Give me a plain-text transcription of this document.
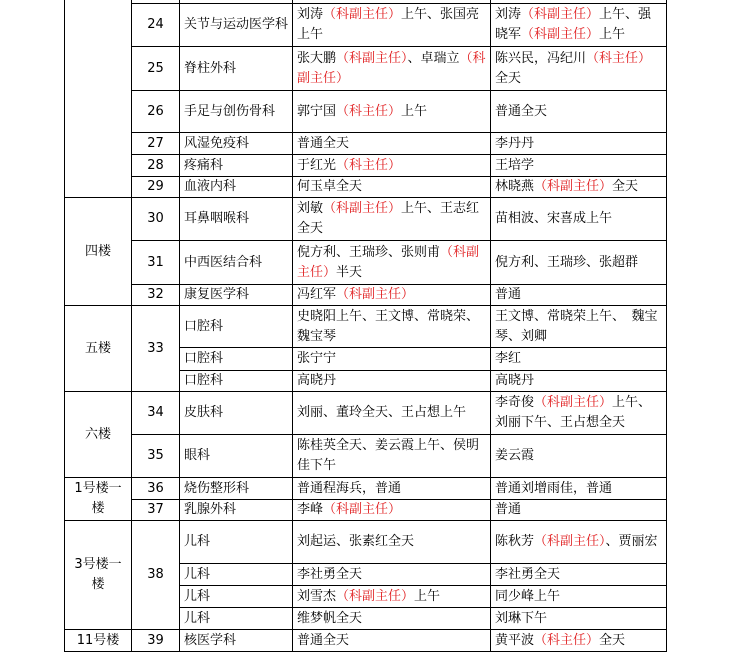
	24	关节与运动医学科	刘涛（科副主任）上午、张国亮上午	刘涛（科副主任）上午、强晓军（科副主任）上午
	25	脊柱外科	张大鹏（科副主任）、卓瑞立（科副主任）	陈兴民，冯纪川（科主任）全天
	26	手足与创伤骨科	郭宁国（科主任）上午	普通全天
	27	风湿免疫科	普通全天	李丹丹
	28	疼痛科	于红光（科主任）	王培学
	29	血液内科	何玉卓全天	林晓燕（科副主任）全天
四楼	30	耳鼻咽喉科	刘敏（科副主任）上午、王志红全天	苗相波、宋喜成上午
	31	中西医结合科	倪方利、王瑞珍、张则甫（科副主任）半天	倪方利、王瑞珍、张超群
	32	康复医学科	冯红军（科副主任）	普通
五楼	33	口腔科	史晓阳上午、王文博、常晓荣、魏宝琴	王文博、常晓荣上午、　魏宝琴、刘卿
		口腔科	张宁宁	李红
		口腔科	高晓丹	高晓丹
六楼	34	皮肤科	刘丽、董玲全天、王占想上午	李奇俊（科副主任）上午、刘丽下午、王占想全天
	35	眼科	陈桂英全天、姜云霞上午、侯明佳下午	姜云霞
1号楼一楼	36	烧伤整形科	普通程海兵，普通	普通刘增雨佳，普通
	37	乳腺外科	李峰（科副主任）	普通
3号楼一楼	38	儿科	刘起运、张素红全天	陈秋芳（科副主任）、贾丽宏
		儿科	李社勇全天	李社勇全天
		儿科	刘雪杰（科副主任）上午	同少峰上午
		儿科	维梦帆全天	刘琳下午
11号楼	39	核医学科	普通全天	黄平波（科主任）全天
